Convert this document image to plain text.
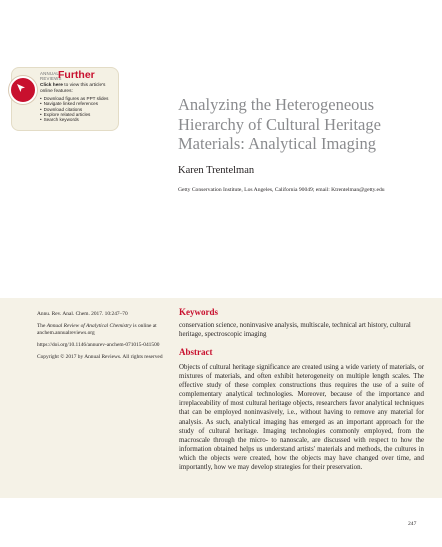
ANNUAL
REVIEWS
Further
Click here to view this article's online features:
• Download figures as PPT slides
• Navigate linked references
• Download citations
• Explore related articles
• Search keywords
Analyzing the Heterogeneous Hierarchy of Cultural Heritage Materials: Analytical Imaging
Karen Trentelman
Getty Conservation Institute, Los Angeles, California 90049; email: Ktrentelman@getty.edu

Annu. Rev. Anal. Chem. 2017. 10:247–70

The Annual Review of Analytical Chemistry is online at anchem.annualreviews.org

https://doi.org/10.1146/annurev-anchem-071015-041500

Copyright © 2017 by Annual Reviews. All rights reserved

Keywords
conservation science, noninvasive analysis, multiscale, technical art history, cultural heritage, spectroscopic imaging
Abstract
Objects of cultural heritage significance are created using a wide variety of materials, or mixtures of materials, and often exhibit heterogeneity on multiple length scales. The effective study of these complex constructions thus requires the use of a suite of complementary analytical technologies. Moreover, because of the importance and irreplaceability of most cultural heritage objects, researchers favor analytical techniques that can be employed noninvasively, i.e., without having to remove any material for analysis. As such, analytical imaging has emerged as an important approach for the study of cultural heritage. Imaging technologies commonly employed, from the macroscale through the micro- to nanoscale, are discussed with respect to how the information obtained helps us understand artists' materials and methods, the cultures in which the objects were created, how the objects may have changed over time, and importantly, how we may develop strategies for their preservation.
247
